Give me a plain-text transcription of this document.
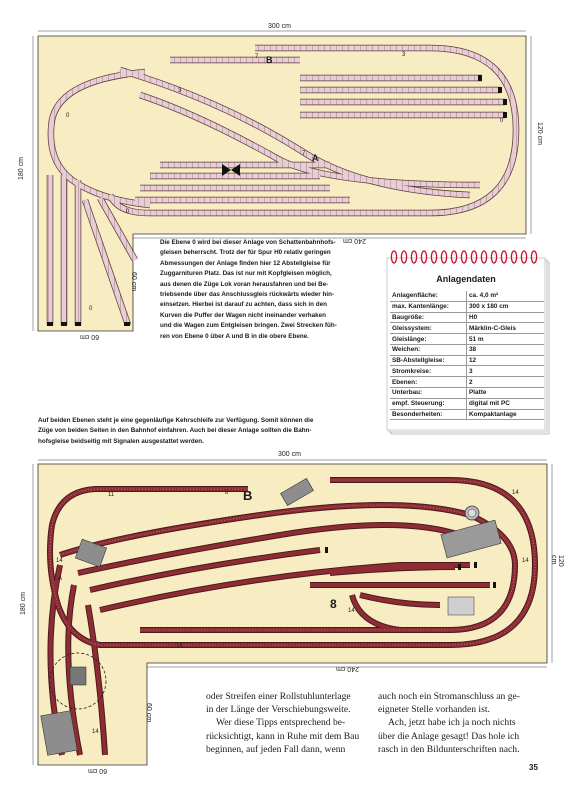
300 cm
180 cm
120 cm
240 cm
60 cm
60 cm
7 B	3
3
0
7 A
0
0
0
Die Ebene 0 wird bei dieser Anlage von Schattenbahnhofs-
gleisen beherrscht. Trotz der für Spur H0 relativ geringen
Abmessungen der Anlage finden hier 12 Abstellgleise für
Zuggarnituren Platz. Das ist nur mit Kopfgleisen möglich,
aus denen die Züge Lok voran herausfahren und bei Be-
triebsende über das Anschlussgleis rückwärts wieder hin-
einsetzen. Hierbei ist darauf zu achten, dass sich in den
Kurven die Puffer der Wagen nicht ineinander verhaken
und die Wagen zum Entgleisen bringen. Zwei Strecken füh-
ren von Ebene 0 über A und B in die obere Ebene.
Anlagendaten
Anlagenfläche:	ca. 4,0 m²
max. Kantenlänge:	300 x 180 cm
Baugröße:	H0
Gleissystem:	Märklin-C-Gleis
Gleislänge:	51 m
Weichen:	38
SB-Abstellgleise:	12
Stromkreise:	3
Ebenen:	2
Unterbau:	Platte
empf. Steuerung:	digital mit PC
Besonderheiten:	Kompaktanlage
Auf beiden Ebenen steht je eine gegenläufige Kehrschleife zur Verfügung. Somit können die
Züge von beiden Seiten in den Bahnhof einfahren. Auch bei dieser Anlage sollten die Bahn-
hofsgleise beidseitig mit Signalen ausgestattet werden.
300 cm
180 cm
120 cm
240 cm
60 cm
60 cm
11	8 B	14
14	14
14
A
8 14
14
oder Streifen einer Rollstuhlunterlage
in der Länge der Verschiebungsweite.
Wer diese Tipps entsprechend be-
rücksichtigt, kann in Ruhe mit dem Bau
beginnen, auf jeden Fall dann, wenn
auch noch ein Stromanschluss an ge-
eigneter Stelle vorhanden ist.
Ach, jetzt habe ich ja noch nichts
über die Anlage gesagt! Das hole ich
rasch in den Bildunterschriften nach.
35
